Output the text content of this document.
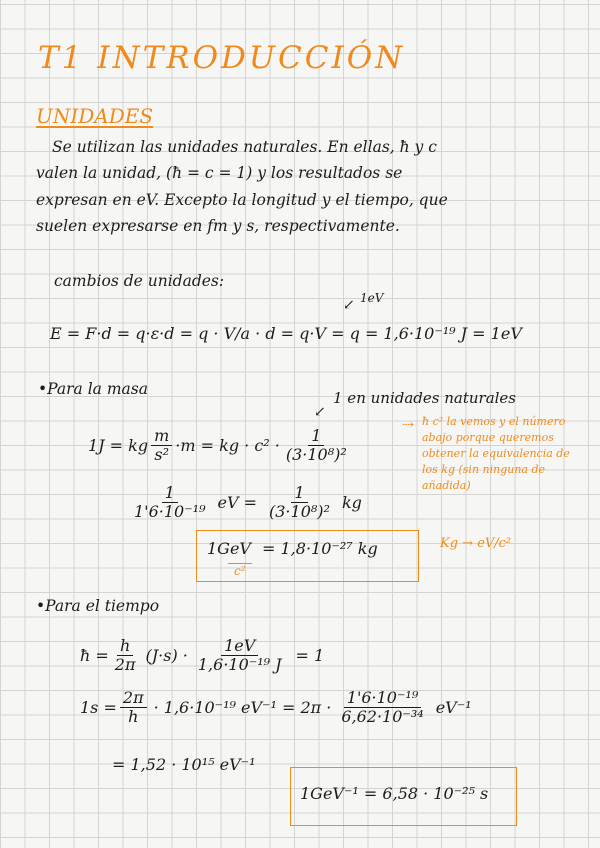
T1 INTRODUCCIÓN
UNIDADES
Se utilizan las unidades naturales. En ellas, ħ y c
valen la unidad, (ħ = c = 1) y los resultados se
expresan en eV. Excepto la longitud y el tiempo, que
suelen expresarse en fm y s, respectivamente.
cambios de unidades:
1eV
↙
E = F·d = q·ε·d = q · V/a · d = q·V = q = 1,6·10⁻¹⁹ J = 1eV
•Para la masa	1 en unidades naturales
↙
1J = kg $\frac{m}{\text{s²}} \cdot m$ = kg · $c^2 \cdot \frac{1}{\text{(3·10⁸)²}}$
$\frac{1}{\text{1'6·10⁻¹⁹}}$ eV = $\frac{1}{\text{(3·10⁸)²}}$ kg
1GeV
c²
= 1,8·10⁻²⁷ kg
⇢ ħ c² la vemos y el número abajo porque queremos obtener la equivalencia de los kg (sin ninguna de añadida)
Kg → eV/c²
•Para el tiempo
ħ = $\frac{h}{2\pi} (J\cdot s) \cdot \frac{1eV}{\text{1,6·10⁻¹⁹ J}} = 1$
$1s = \frac{2\pi}{h} \cdot 1,6\cdot 10^{-19}$ $eV^{-1} = 2\pi \cdot \frac{\text{1'6·10⁻¹⁹}}{\text{6,62·10⁻³⁴}} eV^{-1}$
= 1,52 · 10¹⁵ eV⁻¹
1GeV⁻¹ = 6,58 · 10⁻²⁵ s
